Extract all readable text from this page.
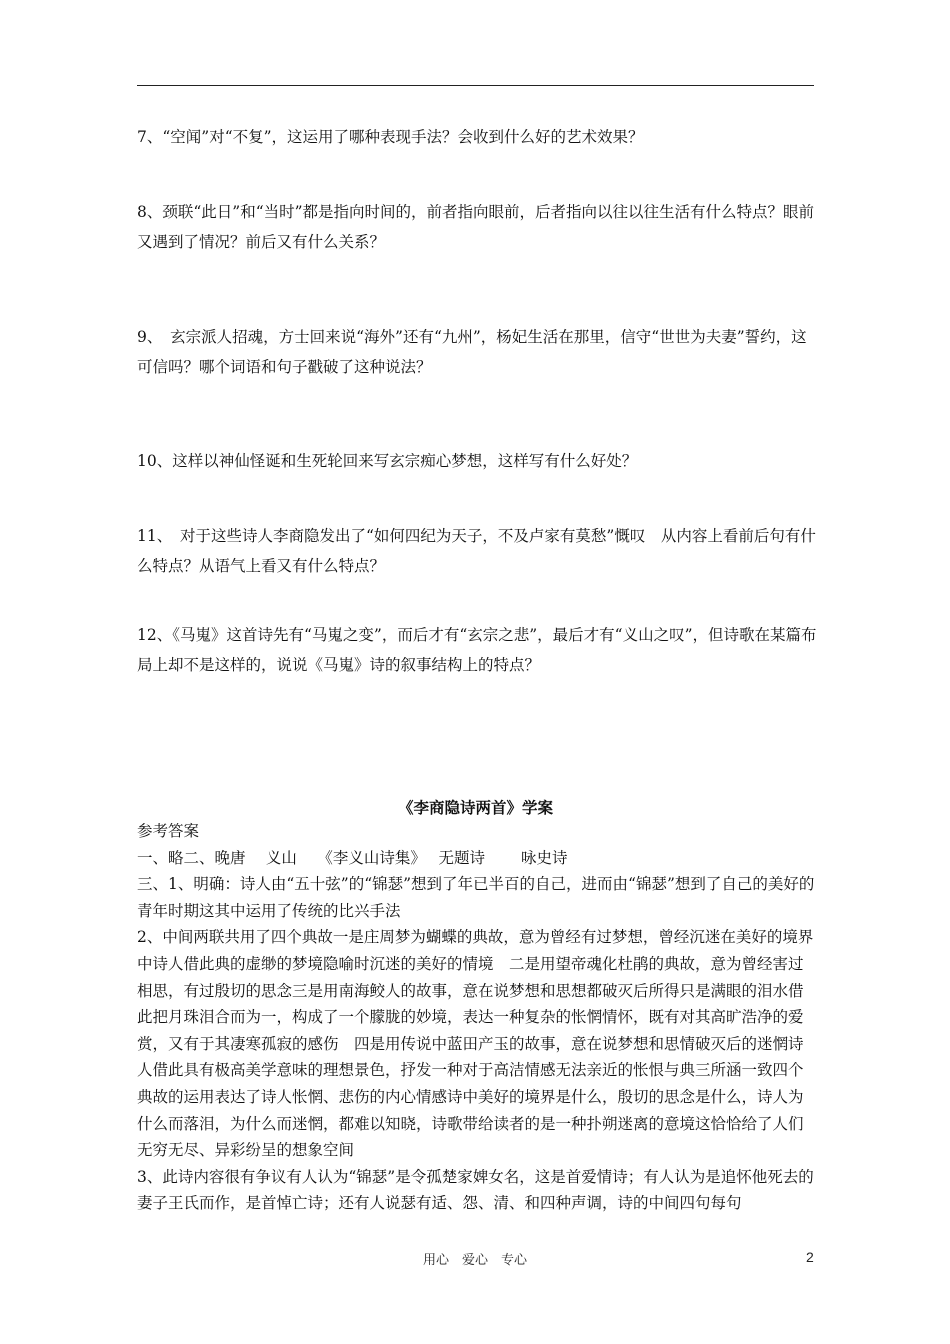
7、“空闻”对“不复”，这运用了哪种表现手法？会收到什么好的艺术效果？

8、颈联“此日”和“当时”都是指向时间的，前者指向眼前，后者指向以往以往生活有什么特点？眼前又遇到了情况？前后又有什么关系？

9、　玄宗派人招魂，方士回来说“海外”还有“九州”，杨妃生活在那里，信守“世世为夫妻”誓约，这可信吗？哪个词语和句子戳破了这种说法？

10、这样以神仙怪诞和生死轮回来写玄宗痴心梦想，这样写有什么好处？

11、　对于这些诗人李商隐发出了“如何四纪为天子，不及卢家有莫愁”慨叹　从内容上看前后句有什么特点？从语气上看又有什么特点？

12、《马嵬》这首诗先有“马嵬之变”，而后才有“玄宗之悲”，最后才有“义山之叹”，但诗歌在某篇布局上却不是这样的，说说《马嵬》诗的叙事结构上的特点？

《李商隐诗两首》学案

参考答案

一、略二、晚唐　 义山　 《李义山诗集》　 无题诗　　 咏史诗

三、1、明确：诗人由“五十弦”的“锦瑟”想到了年已半百的自己，进而由“锦瑟”想到了自己的美好的青年时期这其中运用了传统的比兴手法

2、中间两联共用了四个典故一是庄周梦为蝴蝶的典故，意为曾经有过梦想，曾经沉迷在美好的境界中诗人借此典的虚缈的梦境隐喻时沉迷的美好的情境　二是用望帝魂化杜鹃的典故，意为曾经害过相思，有过殷切的思念三是用南海鲛人的故事，意在说梦想和思想都破灭后所得只是满眼的泪水借此把月珠泪合而为一，构成了一个朦胧的妙境，表达一种复杂的怅惘情怀，既有对其高旷浩净的爱赏，又有于其凄寒孤寂的感伤　四是用传说中蓝田产玉的故事，意在说梦想和思情破灭后的迷惘诗人借此具有极高美学意味的理想景色，抒发一种对于高洁情感无法亲近的怅恨与典三所涵一致四个典故的运用表达了诗人怅惘、悲伤的内心情感诗中美好的境界是什么，殷切的思念是什么，诗人为什么而落泪，为什么而迷惘，都难以知晓，诗歌带给读者的是一种扑朔迷离的意境这恰恰给了人们无穷无尽、异彩纷呈的想象空间

3、此诗内容很有争议有人认为“锦瑟”是令孤楚家婢女名，这是首爱情诗；有人认为是追怀他死去的妻子王氏而作，是首悼亡诗；还有人说瑟有适、怨、清、和四种声调，诗的中间四句每句

用心　爱心　专心	2
